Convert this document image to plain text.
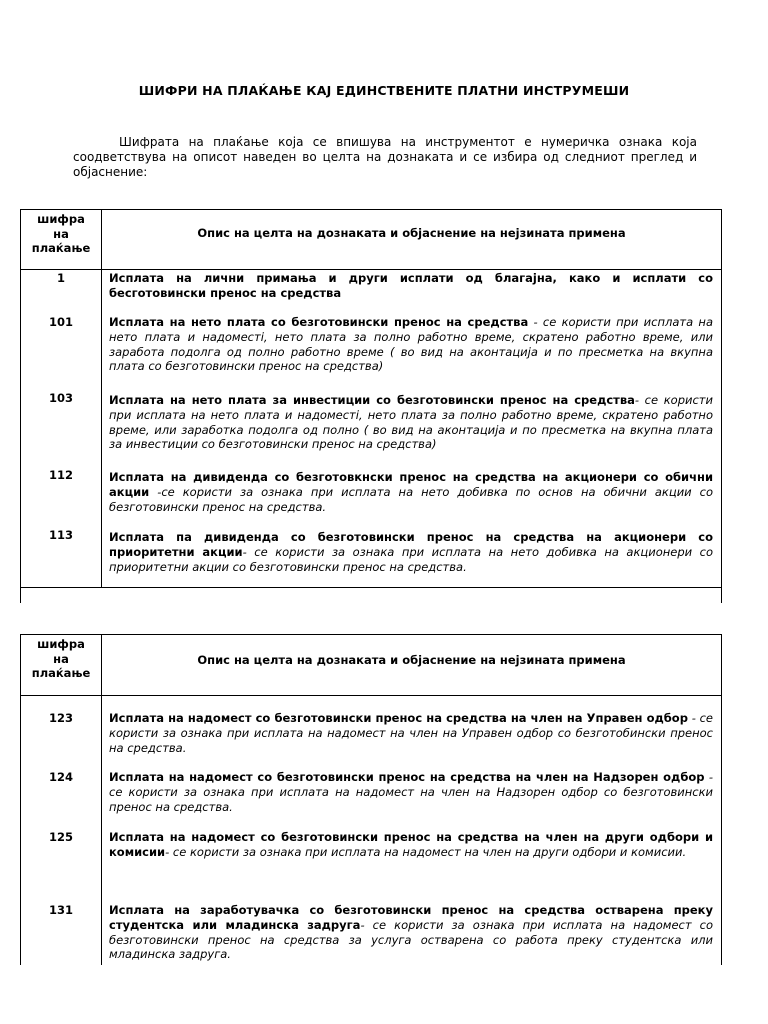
ШИФРИ НА ПЛАЌАЊЕ КАЈ ЕДИНСТВЕНИТЕ ПЛАТНИ ИНСТРУМЕШИ
Шифрата на плаќање која се впишува на инструментот е нумеричка ознака која соодветствува на описот наведен во целта на дознаката и се избира од следниот преглед и објаснение:
шифра
на
плаќање
Опис на целта на дознаката и објаснение на нејзината примена
1	Исплата на лични примања и други исплати од благајна, како и исплати со бесготовински пренос на средства
101	Исплата на нето плата со безготовински пренос на средства - се користи при исплата на нето плата и надоместі, нето плата за полно работно време, скратено работно време, или заработа подолга од полно работно време ( во вид на аконтација и по пресметка на вкупна плата со безготовински пренос на средства)
103	Исплата на нето плата за инвестиции со безготовински пренос на средства- се користи при исплата на нето плата и надоместі, нето плата за полно работно време, скратено работно време, или заработка подолга од полно ( во вид на аконтација и по пресметка на вкупна плата за инвестиции со безготовински пренос на средства)
112	Исплата на дивиденда со безготовкнски пренос на средства на акционери со обични акции -се користи за ознака при исплата на нето добивка по основ на обични акции со безготовински пренос на средства.
113	Исплата па дивиденда со безготовински пренос на средства на акционери со приоритетни акции- се користи за ознака при исплата на нето добивка на акционери со приоритетни акции со безготовински пренос на средства.
шифра
на
плаќање
Опис на целта на дознаката и објаснение на нејзината примена
123	Исплата на надомест со безготовински пренос на средства на член на Управен одбор - се користи за ознака при исплата на надомест на член на Управен одбор со безготобински пренос на средства.
124	Исплата на надомест со безготовински пренос на средства на член на Надзорен одбор - се користи за ознака при исплата на надомест на член на Надзорен одбор со безготовински пренос на средства.
125	Исплата на надомест со безготовински пренос на средства на член на други одбори и комисии- се користи за ознака при исплата на надомест на член на други одбори и комисии.
131	Исплата на заработувачка со безготовински пренос на средства остварена преку студентска или младинска задруга- се користи за ознака при исплата на надомест со безготовински пренос на средства за услуга остварена со работа преку студентска или младинска задруга.
